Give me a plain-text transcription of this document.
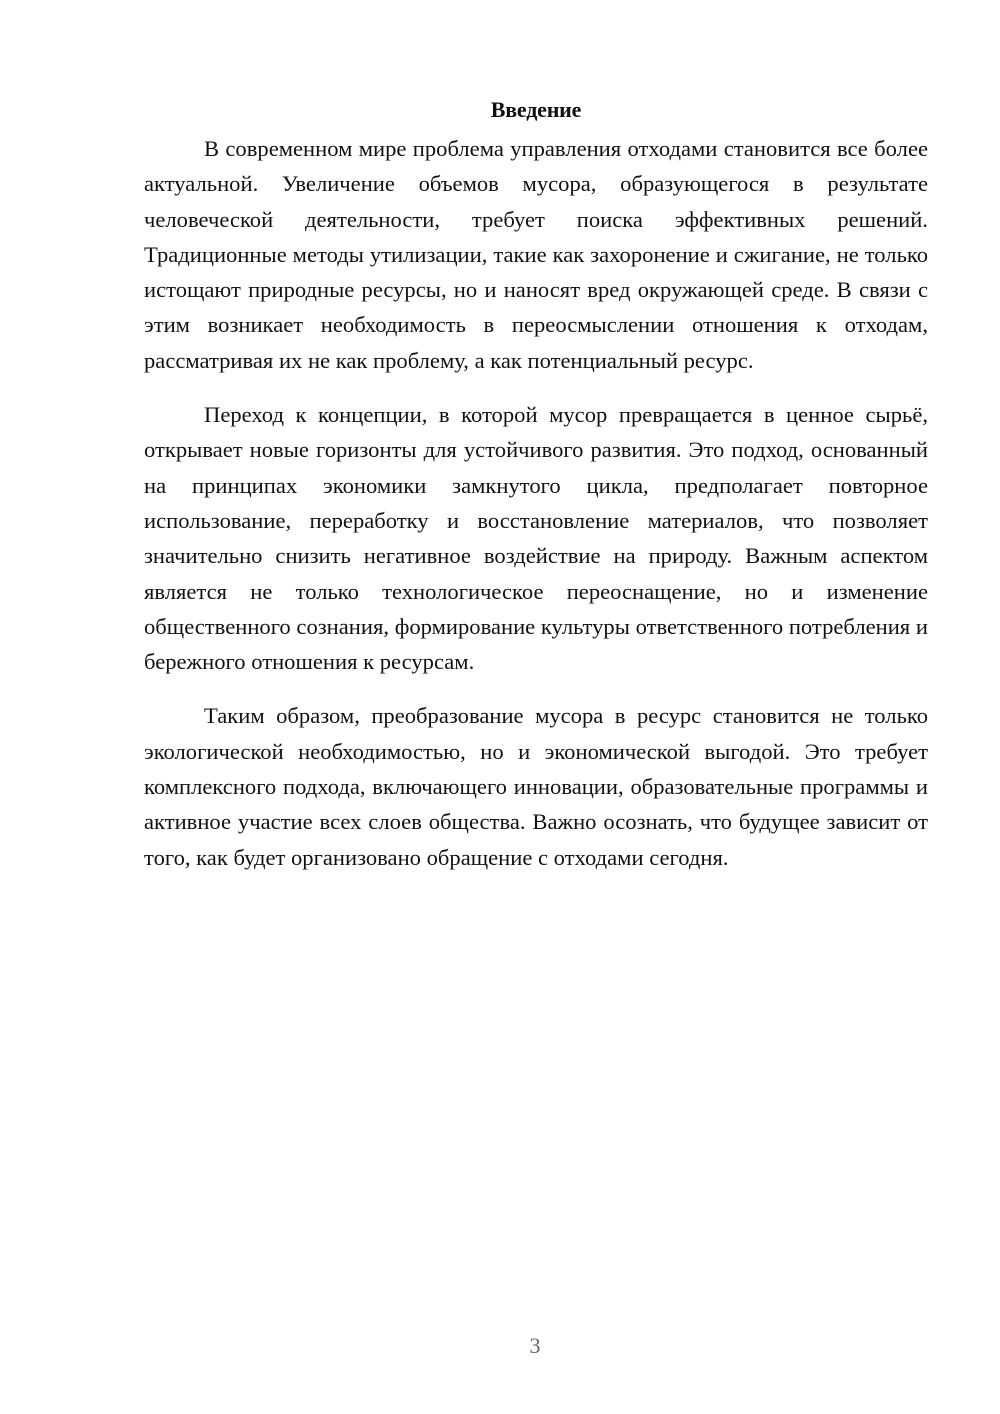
Введение

В современном мире проблема управления отходами становится все более актуальной. Увеличение объемов мусора, образующегося в результате человеческой деятельности, требует поиска эффективных решений. Традиционные методы утилизации, такие как захоронение и сжигание, не только истощают природные ресурсы, но и наносят вред окружающей среде. В связи с этим возникает необходимость в переосмыслении отношения к отходам, рассматривая их не как проблему, а как потенциальный ресурс.

Переход к концепции, в которой мусор превращается в ценное сырьё, открывает новые горизонты для устойчивого развития. Это подход, основанный на принципах экономики замкнутого цикла, предполагает повторное использование, переработку и восстановление материалов, что позволяет значительно снизить негативное воздействие на природу. Важным аспектом является не только технологическое переоснащение, но и изменение общественного сознания, формирование культуры ответственного потребления и бережного отношения к ресурсам.

Таким образом, преобразование мусора в ресурс становится не только экологической необходимостью, но и экономической выгодой. Это требует комплексного подхода, включающего инновации, образовательные программы и активное участие всех слоев общества. Важно осознать, что будущее зависит от того, как будет организовано обращение с отходами сегодня.

3
